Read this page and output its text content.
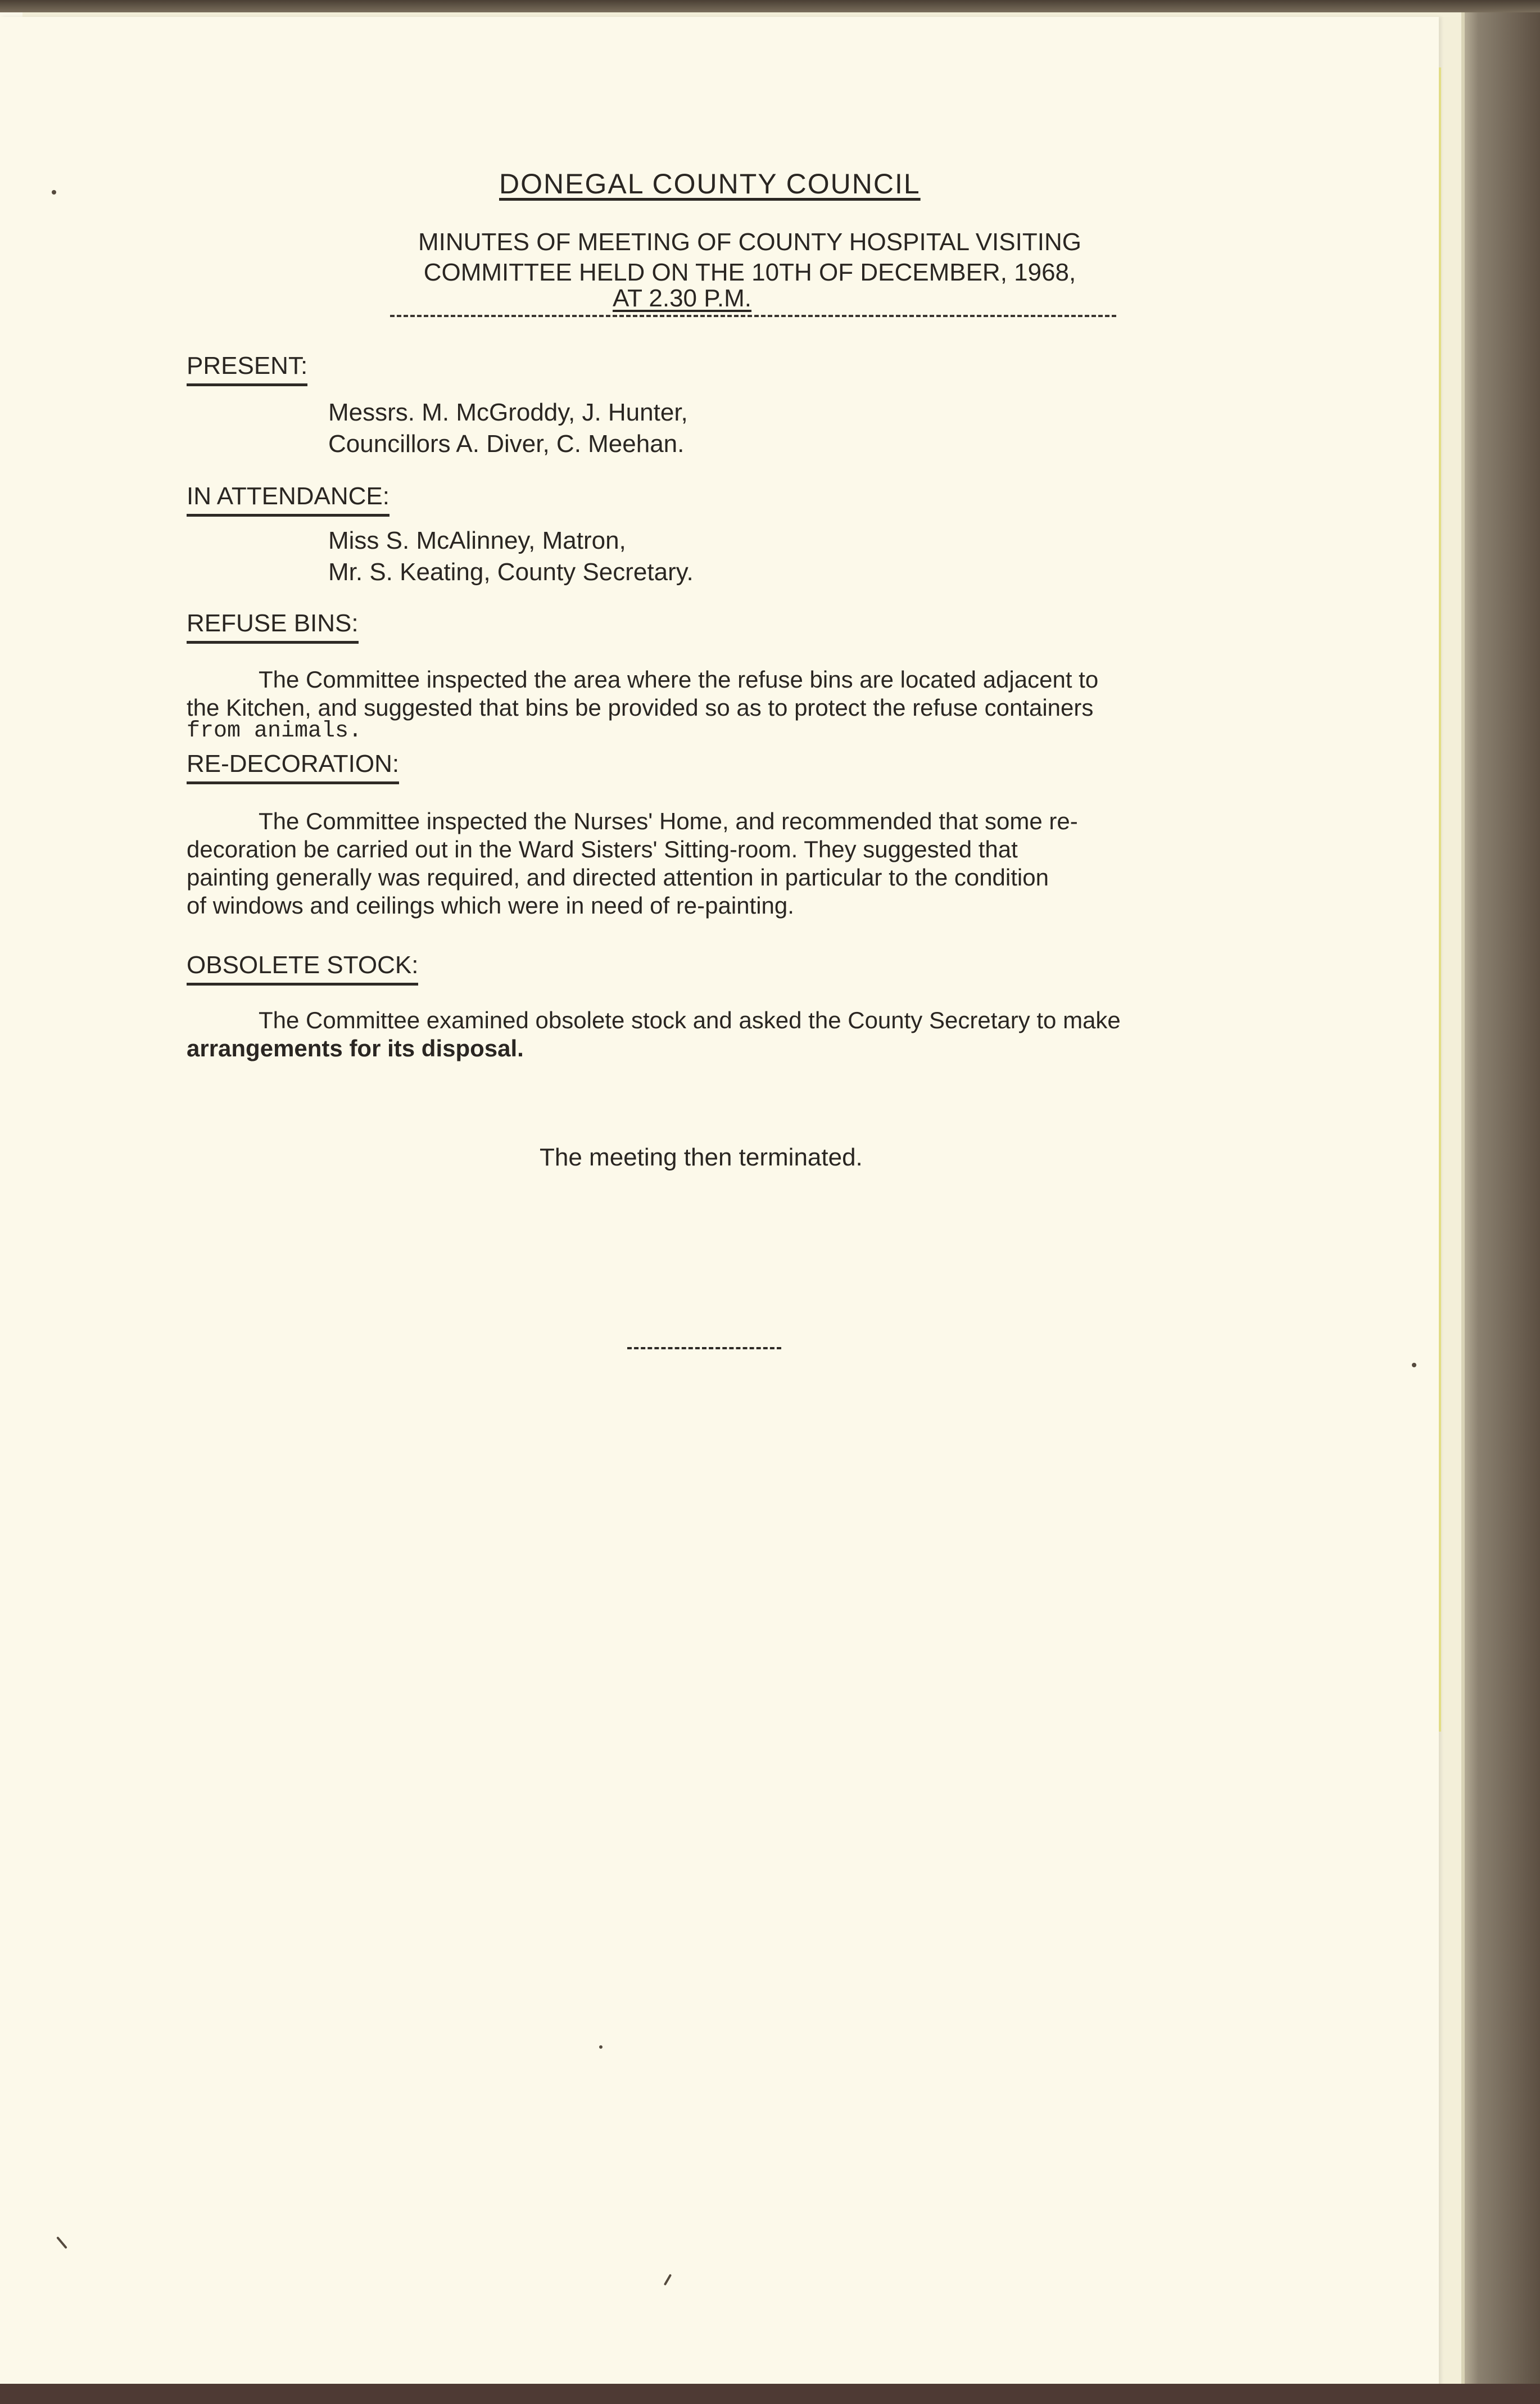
DONEGAL COUNTY COUNCIL
MINUTES OF MEETING OF COUNTY HOSPITAL VISITING
COMMITTEE HELD ON THE 10TH OF DECEMBER, 1968,
AT 2.30 P.M.
PRESENT:
Messrs. M. McGroddy, J. Hunter,
Councillors A. Diver, C. Meehan.
IN ATTENDANCE:
Miss S. McAlinney, Matron,
Mr. S. Keating, County Secretary.
REFUSE BINS:

The Committee inspected the area where the refuse bins are located adjacent to

the Kitchen, and suggested that bins be provided so as to protect the refuse containers

from animals.

RE-DECORATION:

The Committee inspected the Nurses' Home, and recommended that some re-

decoration be carried out in the Ward Sisters' Sitting-room. They suggested that

painting generally was required, and directed attention in particular to the condition

of windows and ceilings which were in need of re-painting.

OBSOLETE STOCK:

The Committee examined obsolete stock and asked the County Secretary to make

arrangements for its disposal.

The meeting then terminated.
